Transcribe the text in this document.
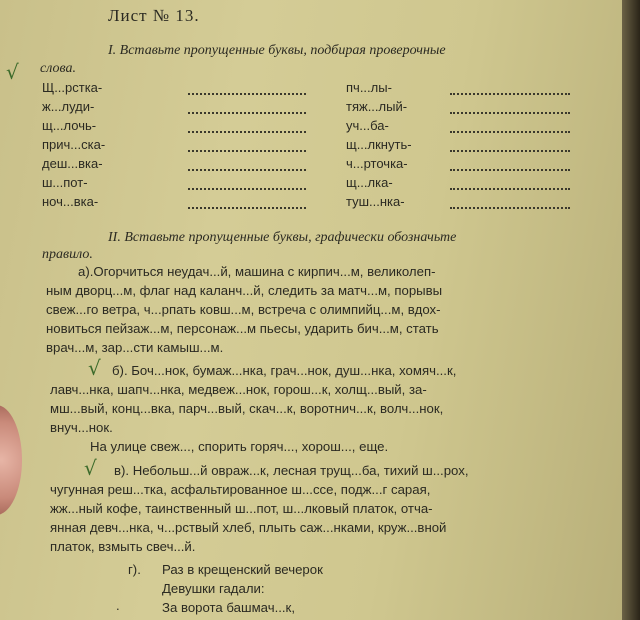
Лист № 13.
I. Вставьте пропущенные буквы, подбирая проверочные
слова.
√
II. Вставьте пропущенные буквы, графически обозначьте
правило.
а).Огорчиться неудач...й, машина с кирпич...м, великолеп-
ным дворц...м, флаг над каланч...й, следить за матч...м, порывы
свеж...го ветра, ч...рпать ковш...м, встреча с олимпийц...м, вдох-
новиться пейзаж...м, персонаж...м пьесы, ударить бич...м, стать
врач...м, зар...сти камыш...м.
√ б). Боч...нок, бумаж...нка, грач...нок, душ...нка, хомяч...к,
лавч...нка, шапч...нка, медвеж...нок, горош...к, холщ...вый, за-
мш...вый, конц...вка, парч...вый, скач...к, воротнич...к, волч...нок,
внуч...нок.
На улице свеж..., спорить горяч..., хорош..., еще.
√ в). Небольш...й овраж...к, лесная трущ...ба, тихий ш...рох,
чугунная реш...тка, асфальтированное ш...ссе, подж...г сарая,
жж...ный кофе, таинственный ш...пот, ш...лковый платок, отча-
янная девч...нка, ч...рствый хлеб, плыть саж...нками, круж...вной
платок, взмыть свеч...й.
г). Раз в крещенский вечерок
Девушки гадали:
За ворота башмач...к,
.
Щ...рстка-
ж...луди-
щ...лочь-
прич...ска-
деш...вка-
ш...пот-
ноч...вка-
пч...лы-
тяж...лый-
уч...ба-
щ...лкнуть-
ч...рточка-
щ...лка-
туш...нка-
